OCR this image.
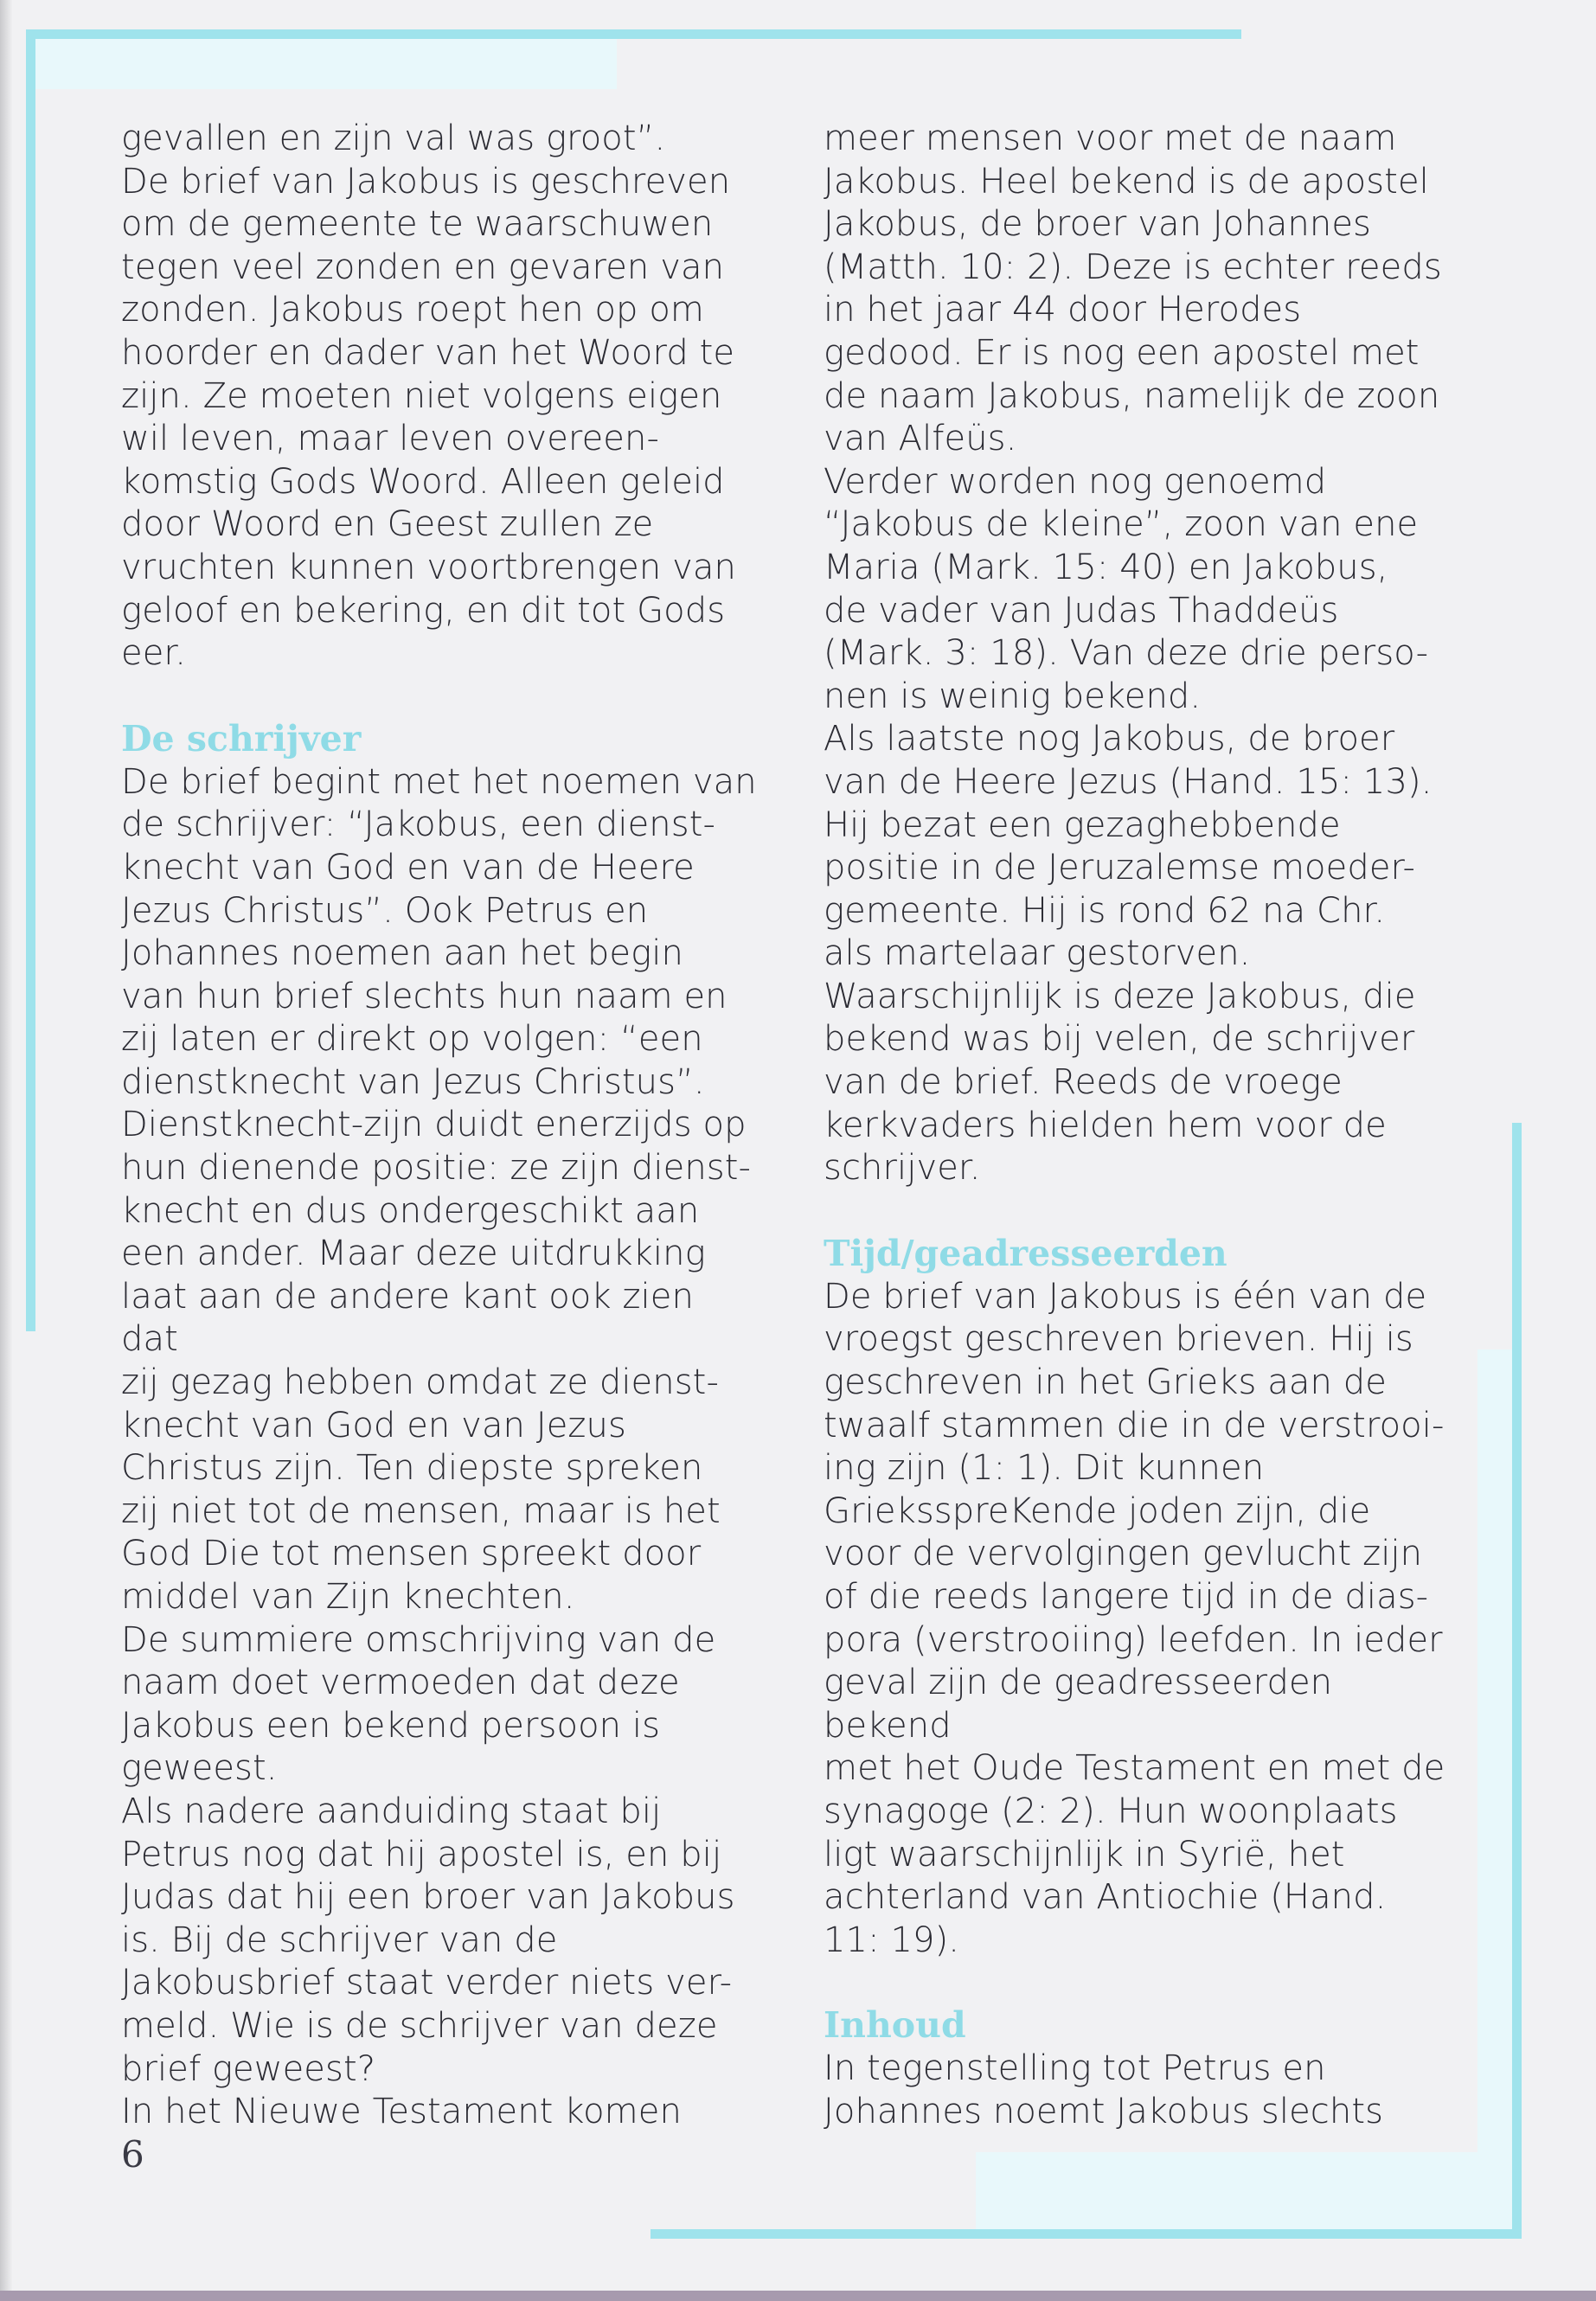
gevallen en zijn val was groot”.
De brief van Jakobus is geschreven
om de gemeente te waarschuwen
tegen veel zonden en gevaren van
zonden. Jakobus roept hen op om
hoorder en dader van het Woord te
zijn. Ze moeten niet volgens eigen
wil leven, maar leven overeen-
komstig Gods Woord. Alleen geleid
door Woord en Geest zullen ze
vruchten kunnen voortbrengen van
geloof en bekering, en dit tot Gods
eer.

De schrijver

De brief begint met het noemen van
de schrijver: “Jakobus, een dienst-
knecht van God en van de Heere
Jezus Christus”. Ook Petrus en
Johannes noemen aan het begin
van hun brief slechts hun naam en
zij laten er direkt op volgen: “een
dienstknecht van Jezus Christus”.
Dienstknecht-zijn duidt enerzijds op
hun dienende positie: ze zijn dienst-
knecht en dus ondergeschikt aan
een ander. Maar deze uitdrukking
laat aan de andere kant ook zien dat
zij gezag hebben omdat ze dienst-
knecht van God en van Jezus
Christus zijn. Ten diepste spreken
zij niet tot de mensen, maar is het
God Die tot mensen spreekt door
middel van Zijn knechten.
De summiere omschrijving van de
naam doet vermoeden dat deze
Jakobus een bekend persoon is
geweest.
Als nadere aanduiding staat bij
Petrus nog dat hij apostel is, en bij
Judas dat hij een broer van Jakobus
is. Bij de schrijver van de
Jakobusbrief staat verder niets ver-
meld. Wie is de schrijver van deze
brief geweest?
In het Nieuwe Testament komen

meer mensen voor met de naam
Jakobus. Heel bekend is de apostel
Jakobus, de broer van Johannes
(Matth. 10: 2). Deze is echter reeds
in het jaar 44 door Herodes
gedood. Er is nog een apostel met
de naam Jakobus, namelijk de zoon
van Alfeüs.
Verder worden nog genoemd
“Jakobus de kleine”, zoon van ene
Maria (Mark. 15: 40) en Jakobus,
de vader van Judas Thaddeüs
(Mark. 3: 18). Van deze drie perso-
nen is weinig bekend.
Als laatste nog Jakobus, de broer
van de Heere Jezus (Hand. 15: 13).
Hij bezat een gezaghebbende
positie in de Jeruzalemse moeder-
gemeente. Hij is rond 62 na Chr.
als martelaar gestorven.
Waarschijnlijk is deze Jakobus, die
bekend was bij velen, de schrijver
van de brief. Reeds de vroege
kerkvaders hielden hem voor de
schrijver.

Tijd/geadresseerden

De brief van Jakobus is één van de
vroegst geschreven brieven. Hij is
geschreven in het Grieks aan de
twaalf stammen die in de verstrooi-
ing zijn (1: 1). Dit kunnen
GrieksspreKende joden zijn, die
voor de vervolgingen gevlucht zijn
of die reeds langere tijd in de dias-
pora (verstrooiing) leefden. In ieder
geval zijn de geadresseerden bekend
met het Oude Testament en met de
synagoge (2: 2). Hun woonplaats
ligt waarschijnlijk in Syrië, het
achterland van Antiochie (Hand.
11: 19).

Inhoud

In tegenstelling tot Petrus en
Johannes noemt Jakobus slechts

6
